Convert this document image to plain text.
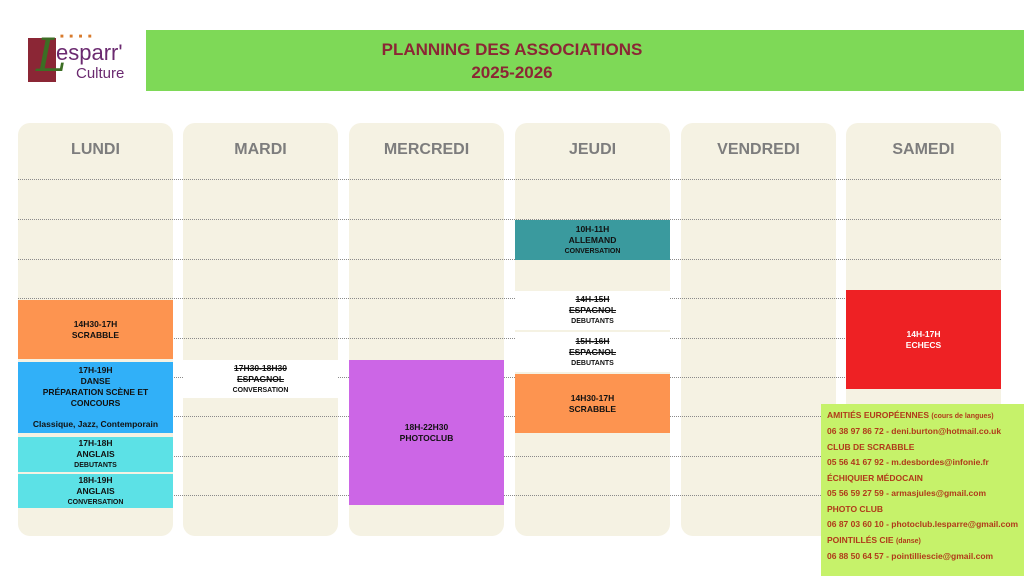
■ ■ ■ ■
L
esparr'
Culture
PLANNING DES ASSOCIATIONS
2025-2026
LUNDI	MARDI	MERCREDI	JEUDI	VENDREDI	SAMEDI
14H30-17H
SCRABBLE
17H-19H
DANSE
PRÉPARATION SCÈNE ET CONCOURS
Classique, Jazz, Contemporain
17H-18H
ANGLAIS
DEBUTANTS
18H-19H
ANGLAIS
CONVERSATION
17H30-18H30
ESPAGNOL
CONVERSATION
18H-22H30
PHOTOCLUB
10H-11H
ALLEMAND
CONVERSATION
14H-15H
ESPAGNOL
DEBUTANTS
15H-16H
ESPAGNOL
DEBUTANTS
14H30-17H
SCRABBLE
14H-17H
ECHECS
AMITIÉS EUROPÉENNES (cours de langues)
06 38 97 86 72 - deni.burton@hotmail.co.uk
CLUB DE SCRABBLE
05 56 41 67 92 - m.desbordes@infonie.fr
ÉCHIQUIER MÉDOCAIN
05 56 59 27 59 - armasjules@gmail.com
PHOTO CLUB
06 87 03 60 10 - photoclub.lesparre@gmail.com
POINTILLÉS CIE (danse)
06 88 50 64 57 - pointilliescie@gmail.com
